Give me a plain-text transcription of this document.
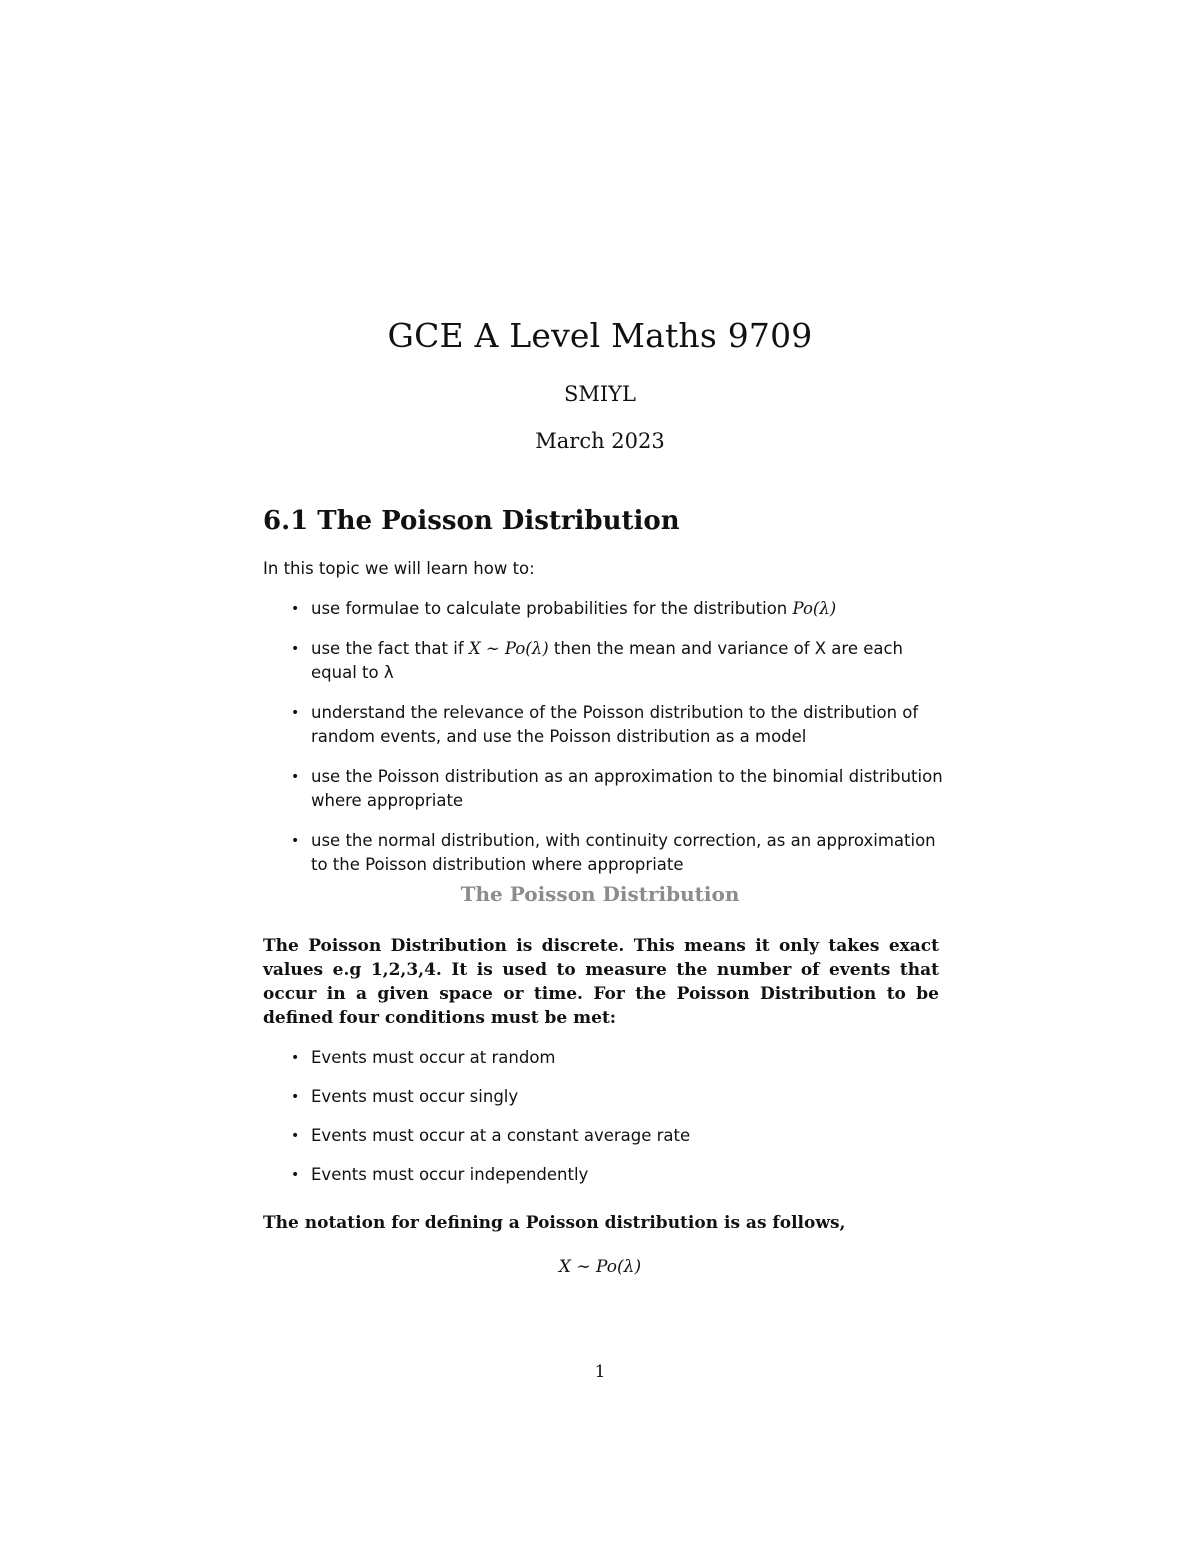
GCE A Level Maths 9709
SMIYL
March 2023
6.1 The Poisson Distribution

In this topic we will learn how to:

• use formulae to calculate probabilities for the distribution Po(λ)
• use the fact that if X ∼ Po(λ) then the mean and variance of X are each equal to λ
• understand the relevance of the Poisson distribution to the distribution of random events, and use the Poisson distribution as a model
• use the Poisson distribution as an approximation to the binomial distribution where appropriate
• use the normal distribution, with continuity correction, as an approximation to the Poisson distribution where appropriate
The Poisson Distribution

The Poisson Distribution is discrete. This means it only takes exact values e.g 1,2,3,4. It is used to measure the number of events that occur in a given space or time. For the Poisson Distribution to be defined four conditions must be met:

• Events must occur at random
• Events must occur singly
• Events must occur at a constant average rate
• Events must occur independently

The notation for defining a Poisson distribution is as follows,

X ∼ Po(λ)
1
